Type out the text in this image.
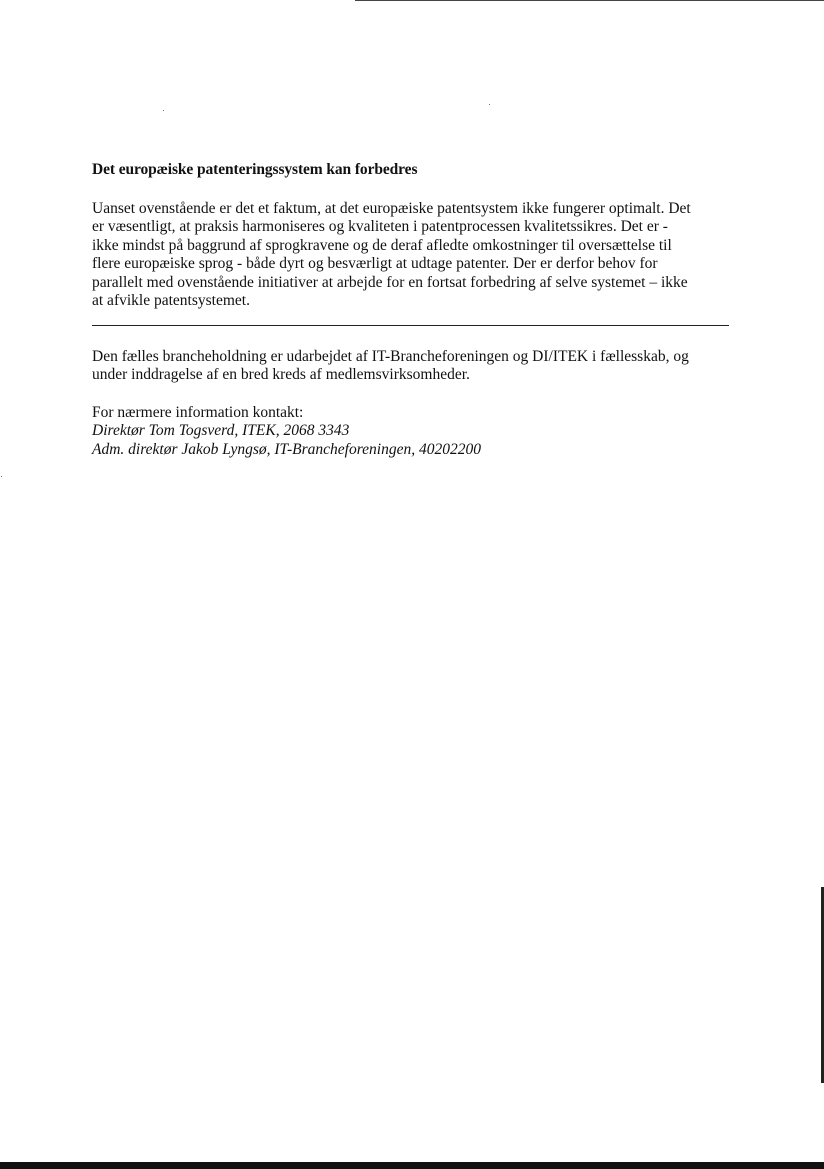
Det europæiske patenteringssystem kan forbedres

Uanset ovenstående er det et faktum, at det europæiske patentsystem ikke fungerer optimalt. Det
er væsentligt, at praksis harmoniseres og kvaliteten i patentprocessen kvalitetssikres. Det er -
ikke mindst på baggrund af sprogkravene og de deraf afledte omkostninger til oversættelse til
flere europæiske sprog - både dyrt og besværligt at udtage patenter. Der er derfor behov for
parallelt med ovenstående initiativer at arbejde for en fortsat forbedring af selve systemet – ikke
at afvikle patentsystemet.

Den fælles brancheholdning er udarbejdet af IT-Brancheforeningen og DI/ITEK i fællesskab, og
under inddragelse af en bred kreds af medlemsvirksomheder.

For nærmere information kontakt:
Direktør Tom Togsverd, ITEK, 2068 3343
Adm. direktør Jakob Lyngsø, IT-Brancheforeningen, 40202200
